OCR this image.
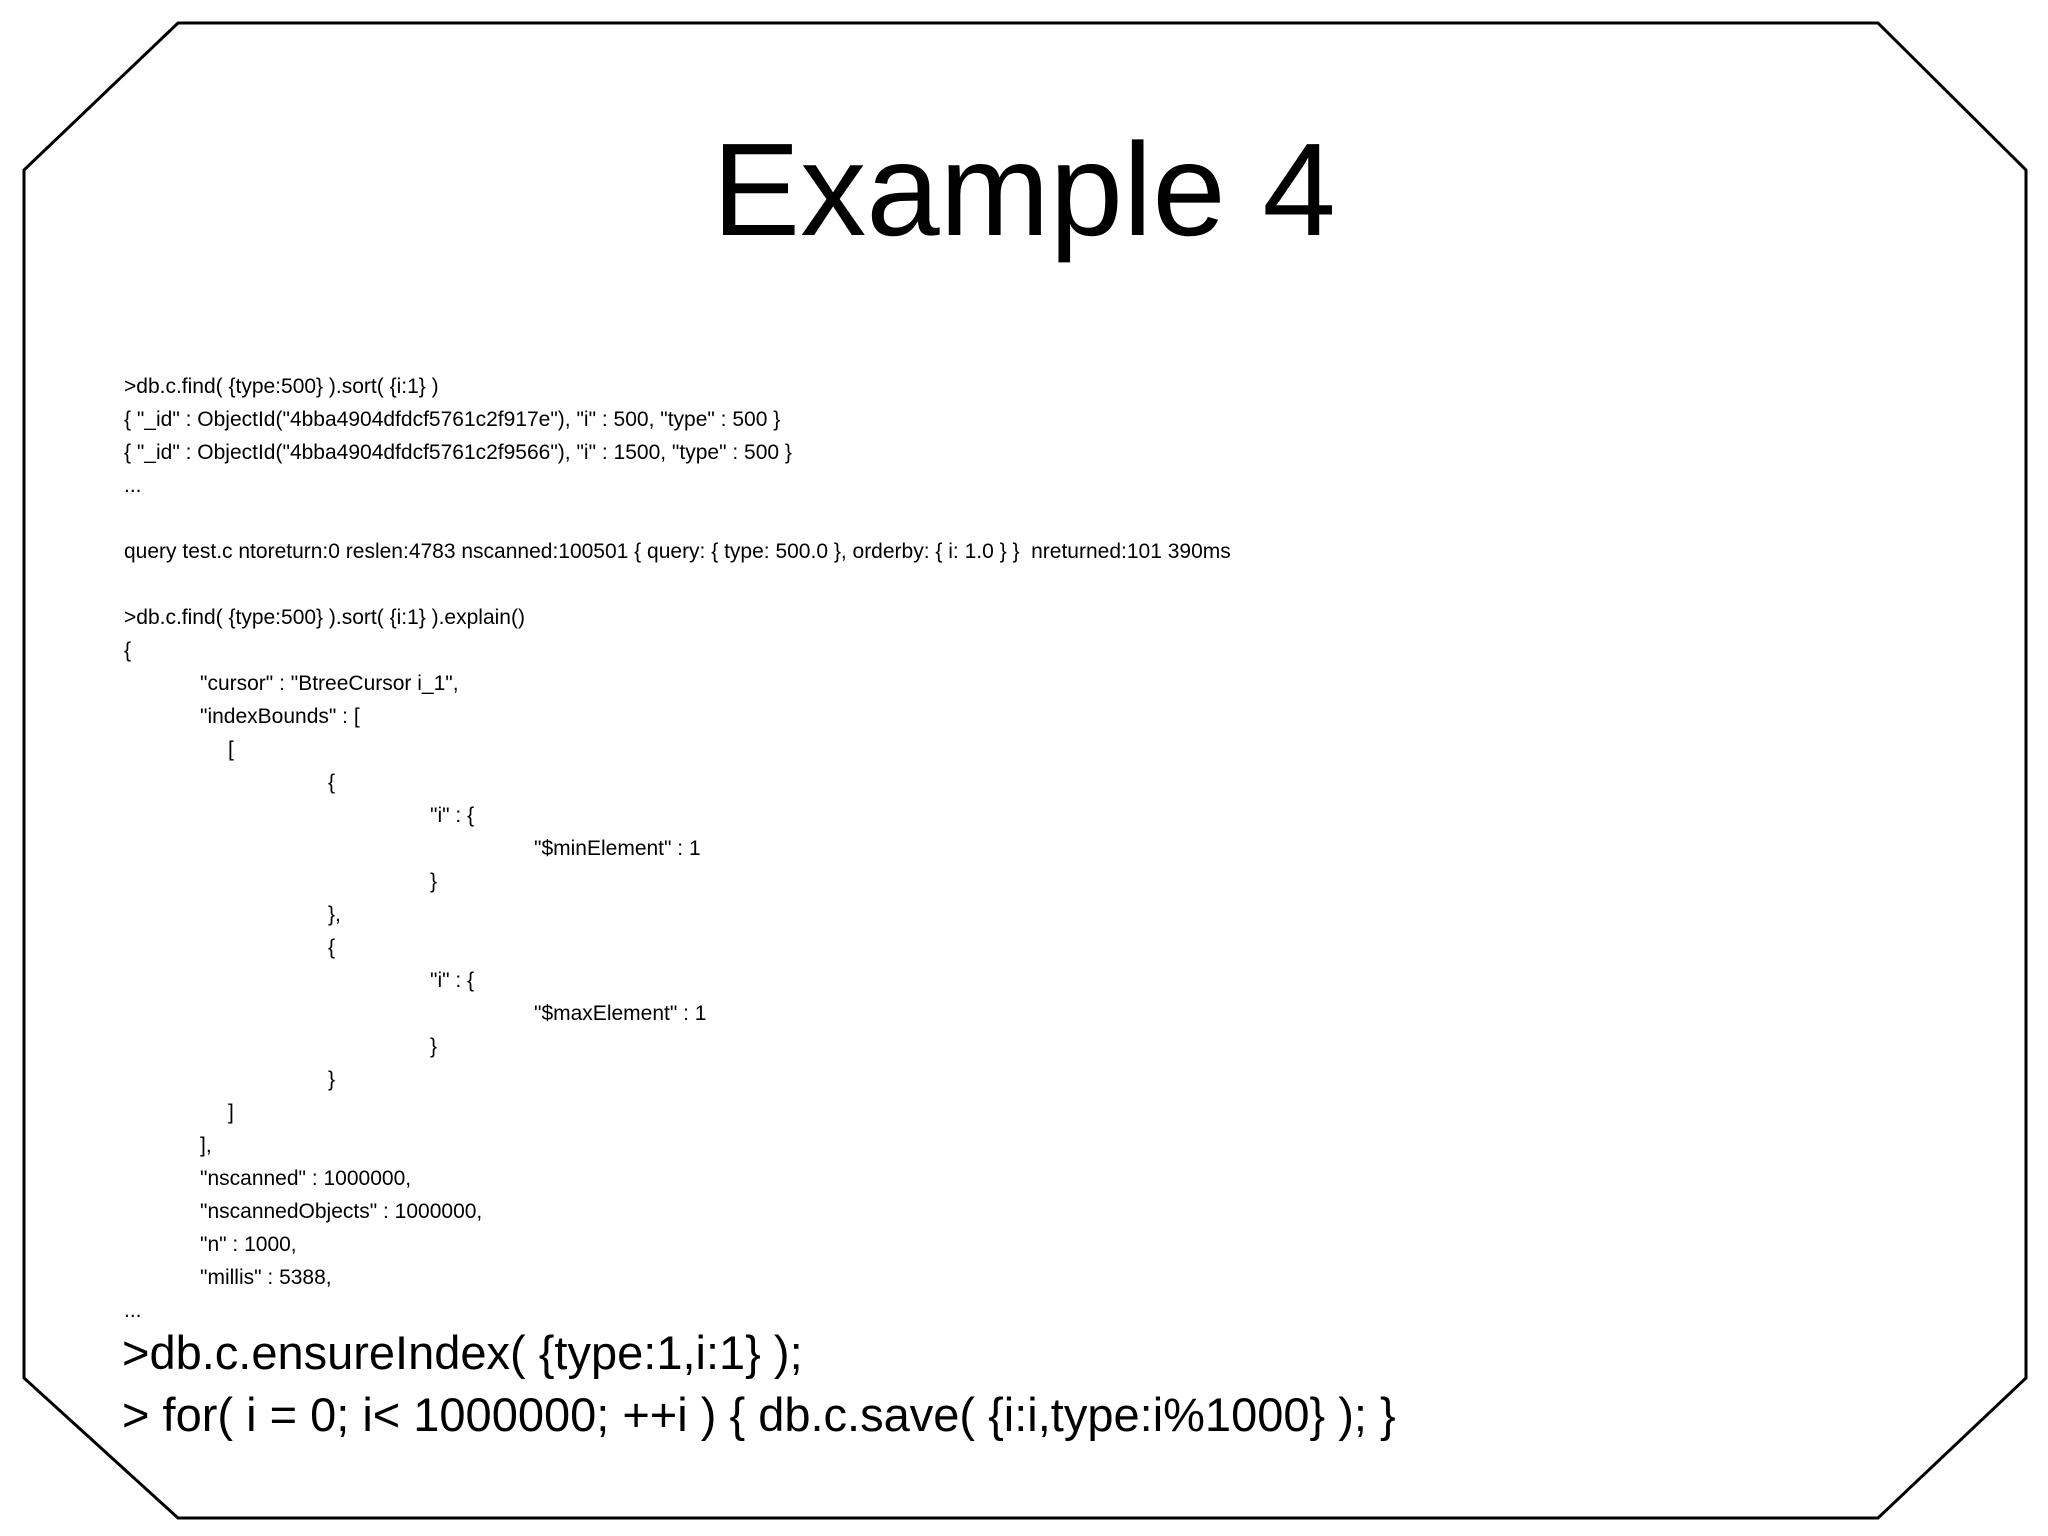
Example 4
>db.c.find( {type:500} ).sort( {i:1} )
{ "_id" : ObjectId("4bba4904dfdcf5761c2f917e"), "i" : 500, "type" : 500 }
{ "_id" : ObjectId("4bba4904dfdcf5761c2f9566"), "i" : 1500, "type" : 500 }
...
query test.c ntoreturn:0 reslen:4783 nscanned:100501 { query: { type: 500.0 }, orderby: { i: 1.0 } }  nreturned:101 390ms
>db.c.find( {type:500} ).sort( {i:1} ).explain()
{
"cursor" : "BtreeCursor i_1",
"indexBounds" : [
[
{
"i" : {
"$minElement" : 1
}
},
{
"i" : {
"$maxElement" : 1
}
}
]
],
"nscanned" : 1000000,
"nscannedObjects" : 1000000,
"n" : 1000,
"millis" : 5388,
...
>db.c.ensureIndex( {type:1,i:1} );
> for( i = 0; i< 1000000; ++i ) { db.c.save( {i:i,type:i%1000} ); }
